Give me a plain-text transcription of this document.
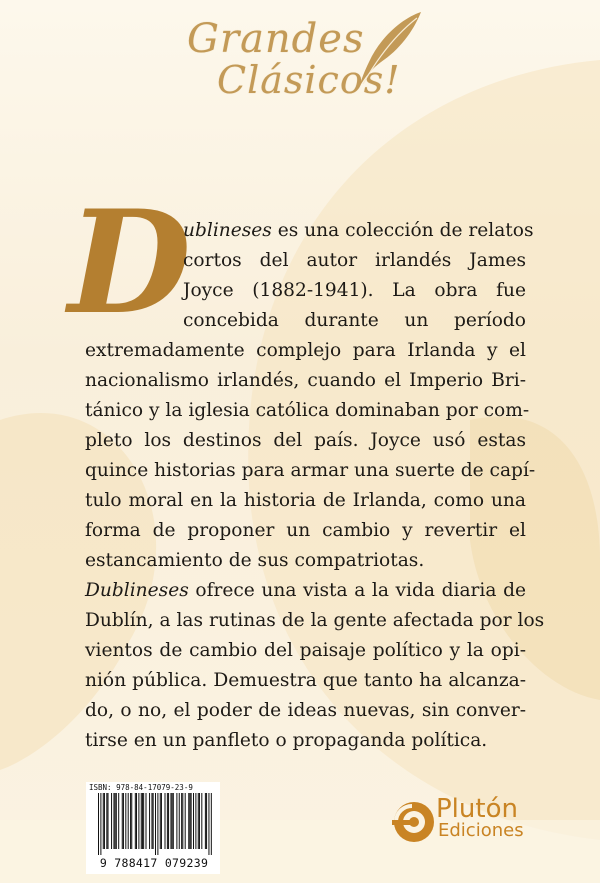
Grandes
Clásicos!
D
ublineses es una colección de relatos
cortos del autor irlandés James
Joyce (1882-1941). La obra fue
concebida durante un período
extremadamente complejo para Irlanda y el
nacionalismo irlandés, cuando el Imperio Bri-
tánico y la iglesia católica dominaban por com-
pleto los destinos del país. Joyce usó estas
quince historias para armar una suerte de capí-
tulo moral en la historia de Irlanda, como una
forma de proponer un cambio y revertir el
estancamiento de sus compatriotas.
Dublineses ofrece una vista a la vida diaria de
Dublín, a las rutinas de la gente afectada por los
vientos de cambio del paisaje político y la opi-
nión pública. Demuestra que tanto ha alcanza-
do, o no, el poder de ideas nuevas, sin conver-
tirse en un panfleto o propaganda política.
ISBN: 978-84-17079-23-9
9 788417 079239
Plutón
Ediciones
